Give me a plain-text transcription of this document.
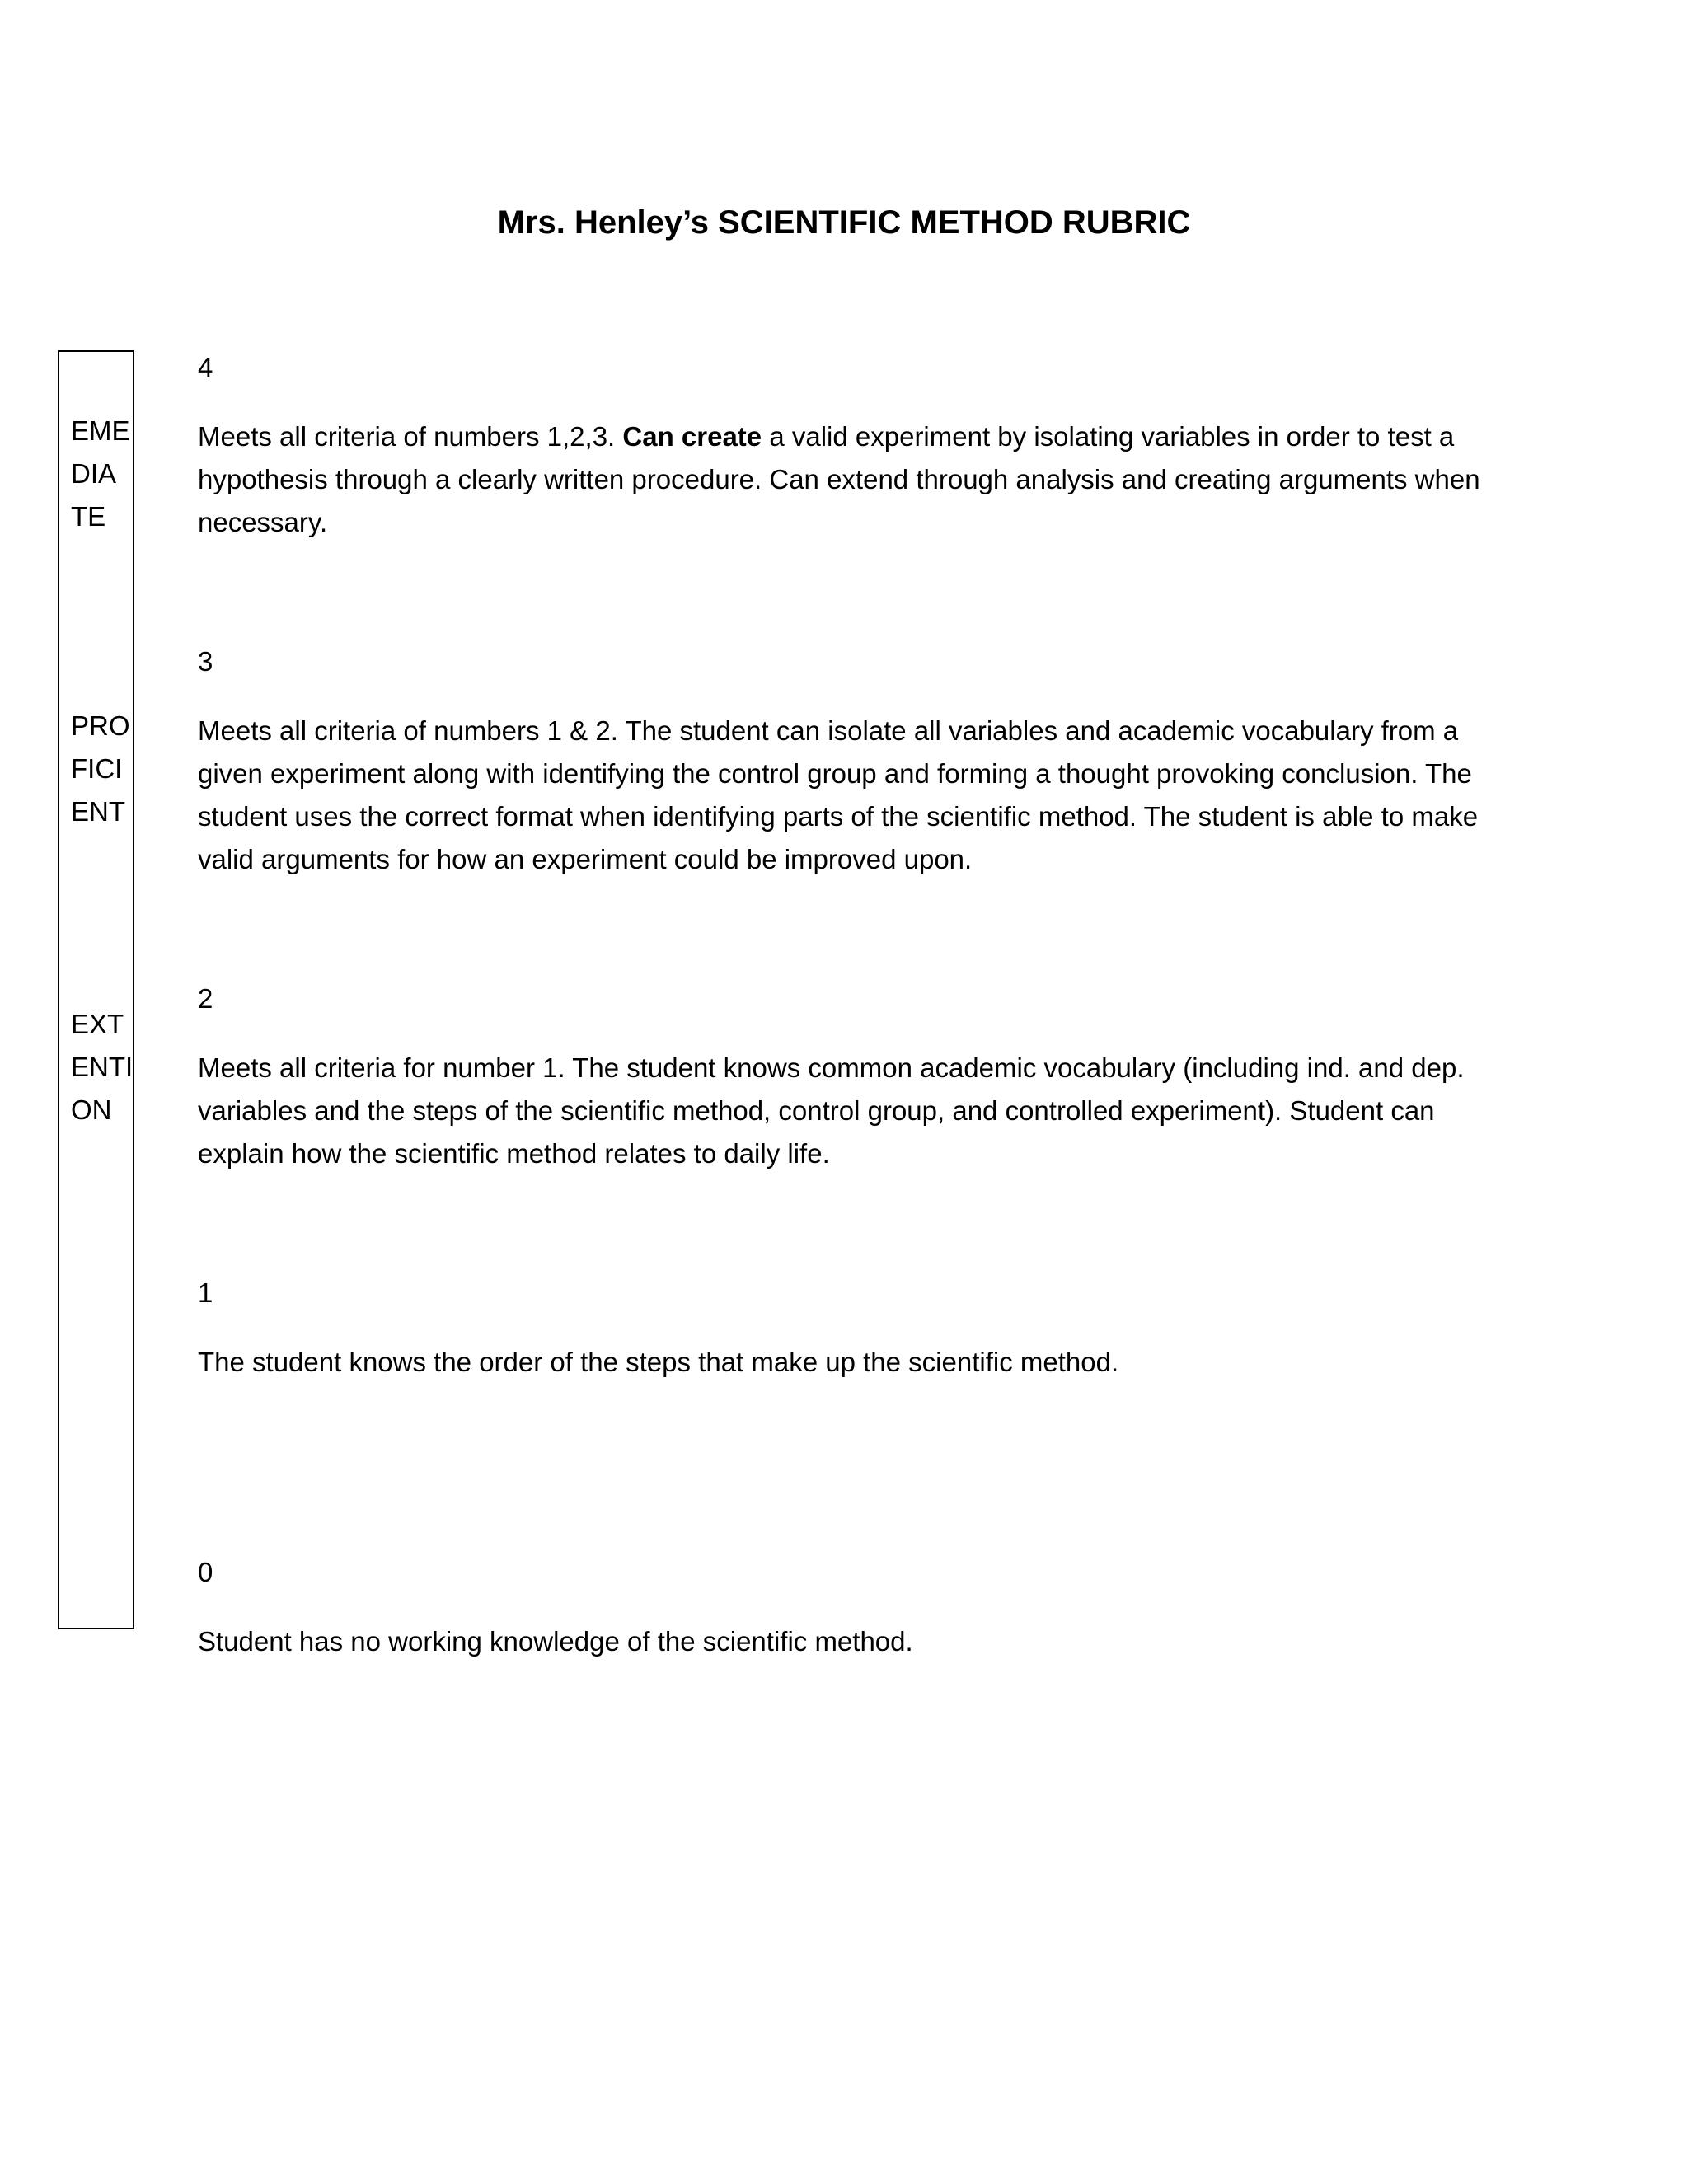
Mrs. Henley’s SCIENTIFIC METHOD RUBRIC
EME
DIA
TE
PRO
FICI
ENT
EXT
ENTI
ON
4
Meets all criteria of numbers 1,2,3. Can create a valid experiment by isolating variables in order to test a hypothesis through a clearly written procedure. Can extend through analysis and creating arguments when necessary.
3
Meets all criteria of numbers 1 & 2. The student can isolate all variables and academic vocabulary from a given experiment along with identifying the control group and forming a thought provoking conclusion. The student uses the correct format when identifying parts of the scientific method. The student is able to make valid arguments for how an experiment could be improved upon.
2
Meets all criteria for number 1. The student knows common academic vocabulary (including ind. and dep. variables and the steps of the scientific method, control group, and controlled experiment). Student can explain how the scientific method relates to daily life.
1
The student knows the order of the steps that make up the scientific method.
0
Student has no working knowledge of the scientific method.
